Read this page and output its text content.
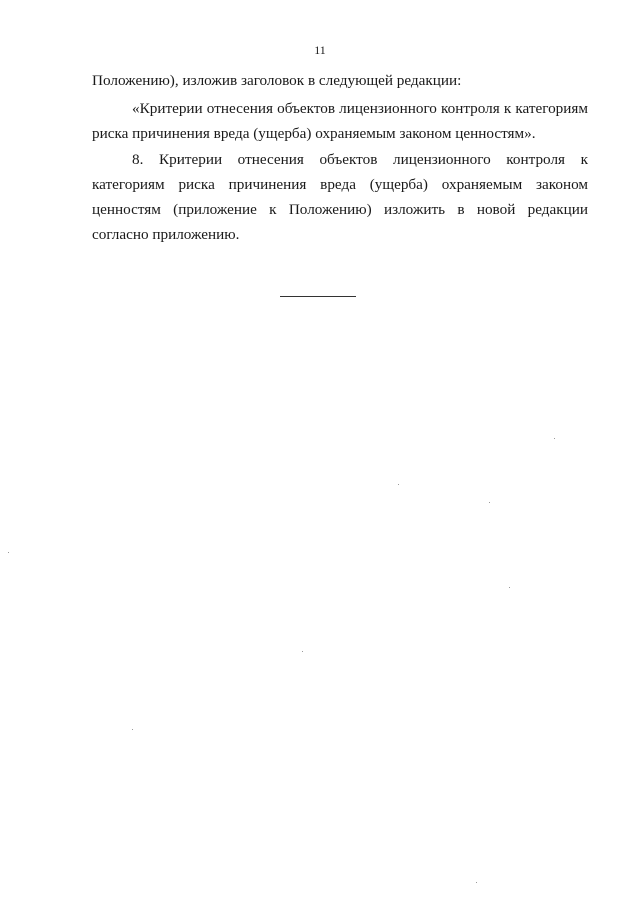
11

Положению), изложив заголовок в следующей редакции:

«Критерии отнесения объектов лицензионного контроля к категориям риска причинения вреда (ущерба) охраняемым законом ценностям».

8. Критерии отнесения объектов лицензионного контроля к категориям риска причинения вреда (ущерба) охраняемым законом ценностям (приложение к Положению) изложить в новой редакции согласно приложению.
